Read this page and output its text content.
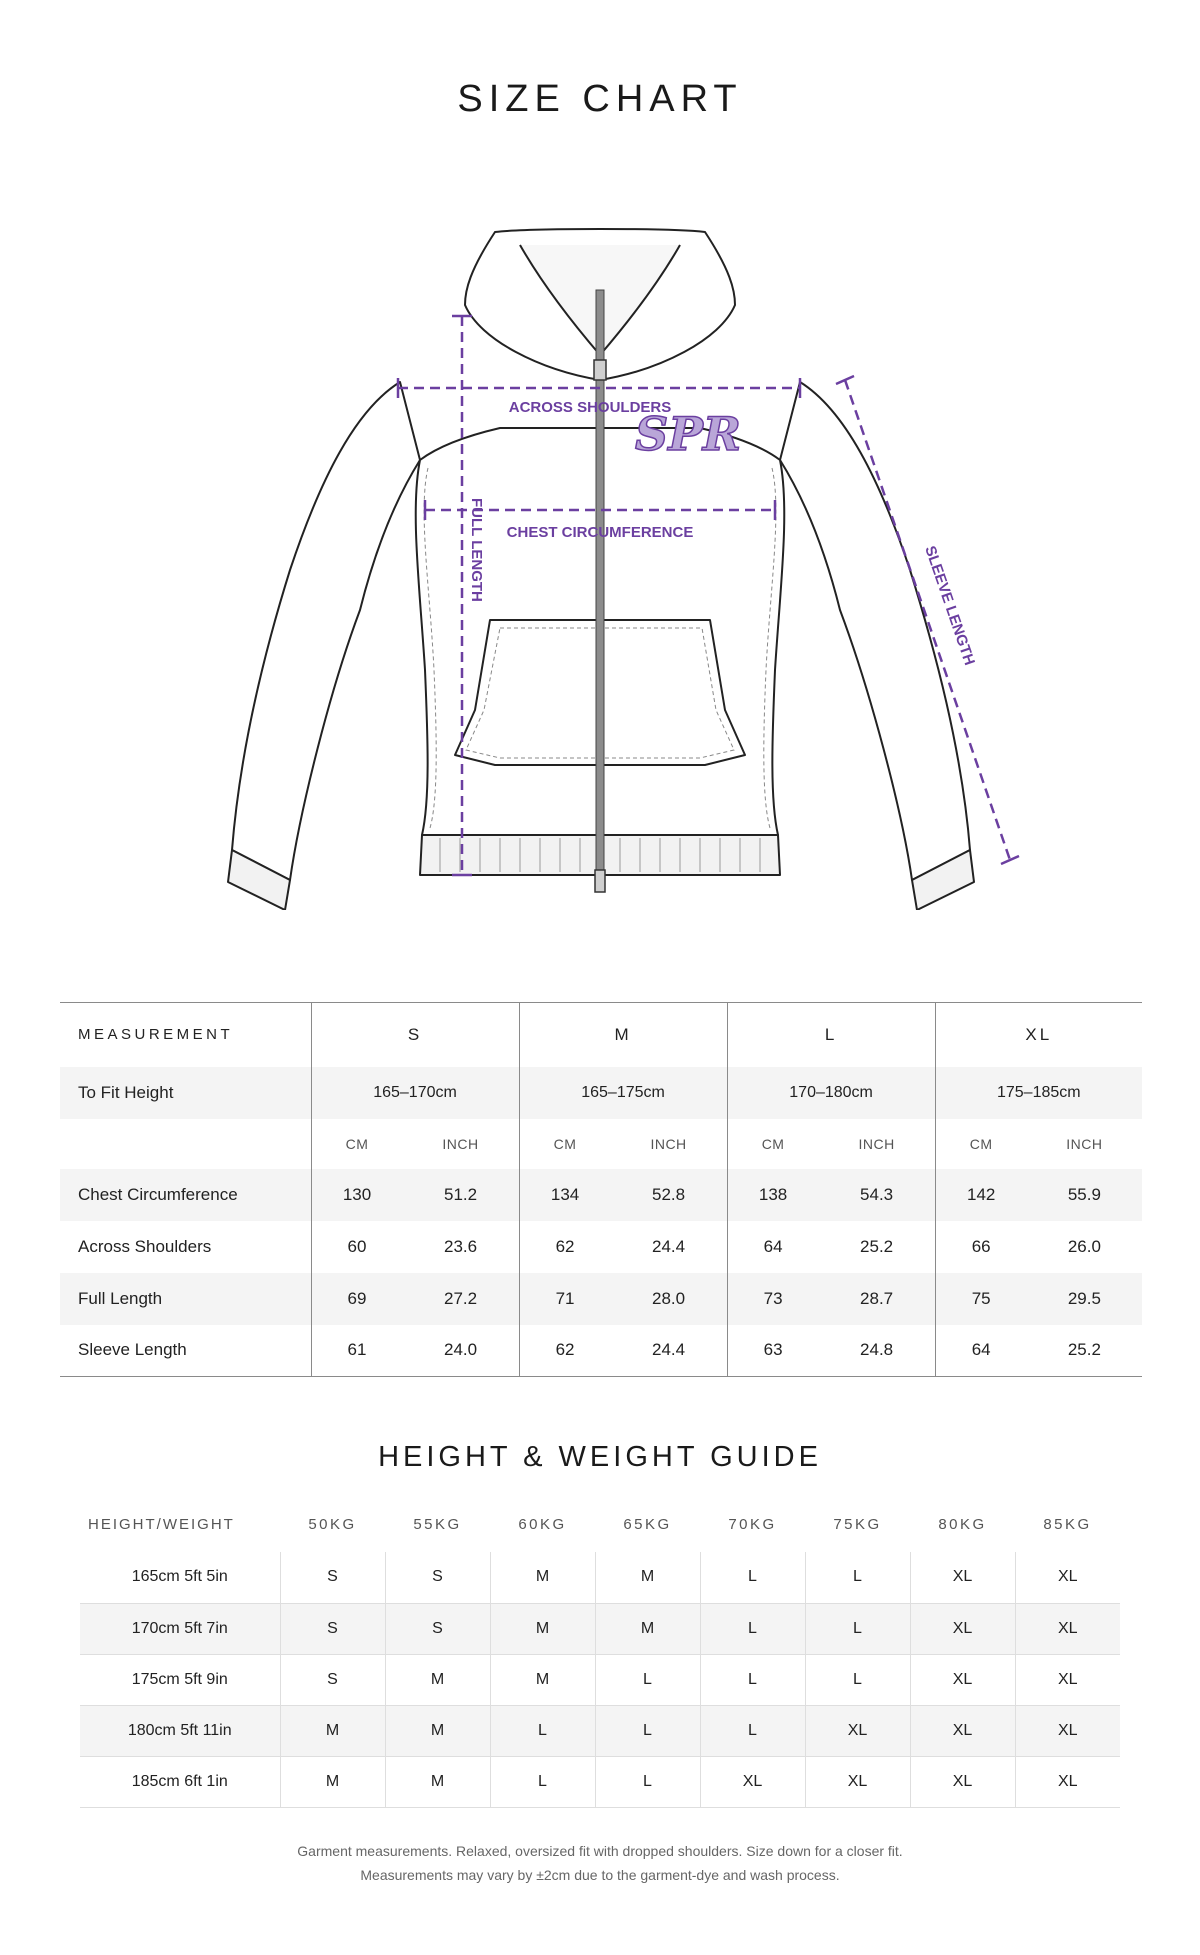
SIZE CHART
SPR
ACROSS SHOULDERS
CHEST CIRCUMFERENCE
FULL LENGTH	SLEEVE LENGTH
MEASUREMENT	S		M		L		XL	
To Fit Height	165–170cm		165–175cm		170–180cm		175–185cm	
	CM	INCH	CM	INCH	CM	INCH	CM	INCH
Chest Circumference	130	51.2	134	52.8	138	54.3	142	55.9
Across Shoulders	60	23.6	62	24.4	64	25.2	66	26.0
Full Length	69	27.2	71	28.0	73	28.7	75	29.5
Sleeve Length	61	24.0	62	24.4	63	24.8	64	25.2
HEIGHT & WEIGHT GUIDE
HEIGHT/WEIGHT	50KG	55KG	60KG	65KG	70KG	75KG	80KG	85KG
165cm 5ft 5in	S	S	M	M	L	L	XL	XL
170cm 5ft 7in	S	S	M	M	L	L	XL	XL
175cm 5ft 9in	S	M	M	L	L	L	XL	XL
180cm 5ft 11in	M	M	L	L	L	XL	XL	XL
185cm 6ft 1in	M	M	L	L	XL	XL	XL	XL
Garment measurements. Relaxed, oversized fit with dropped shoulders. Size down for a closer fit.
Measurements may vary by ±2cm due to the garment-dye and wash process.
